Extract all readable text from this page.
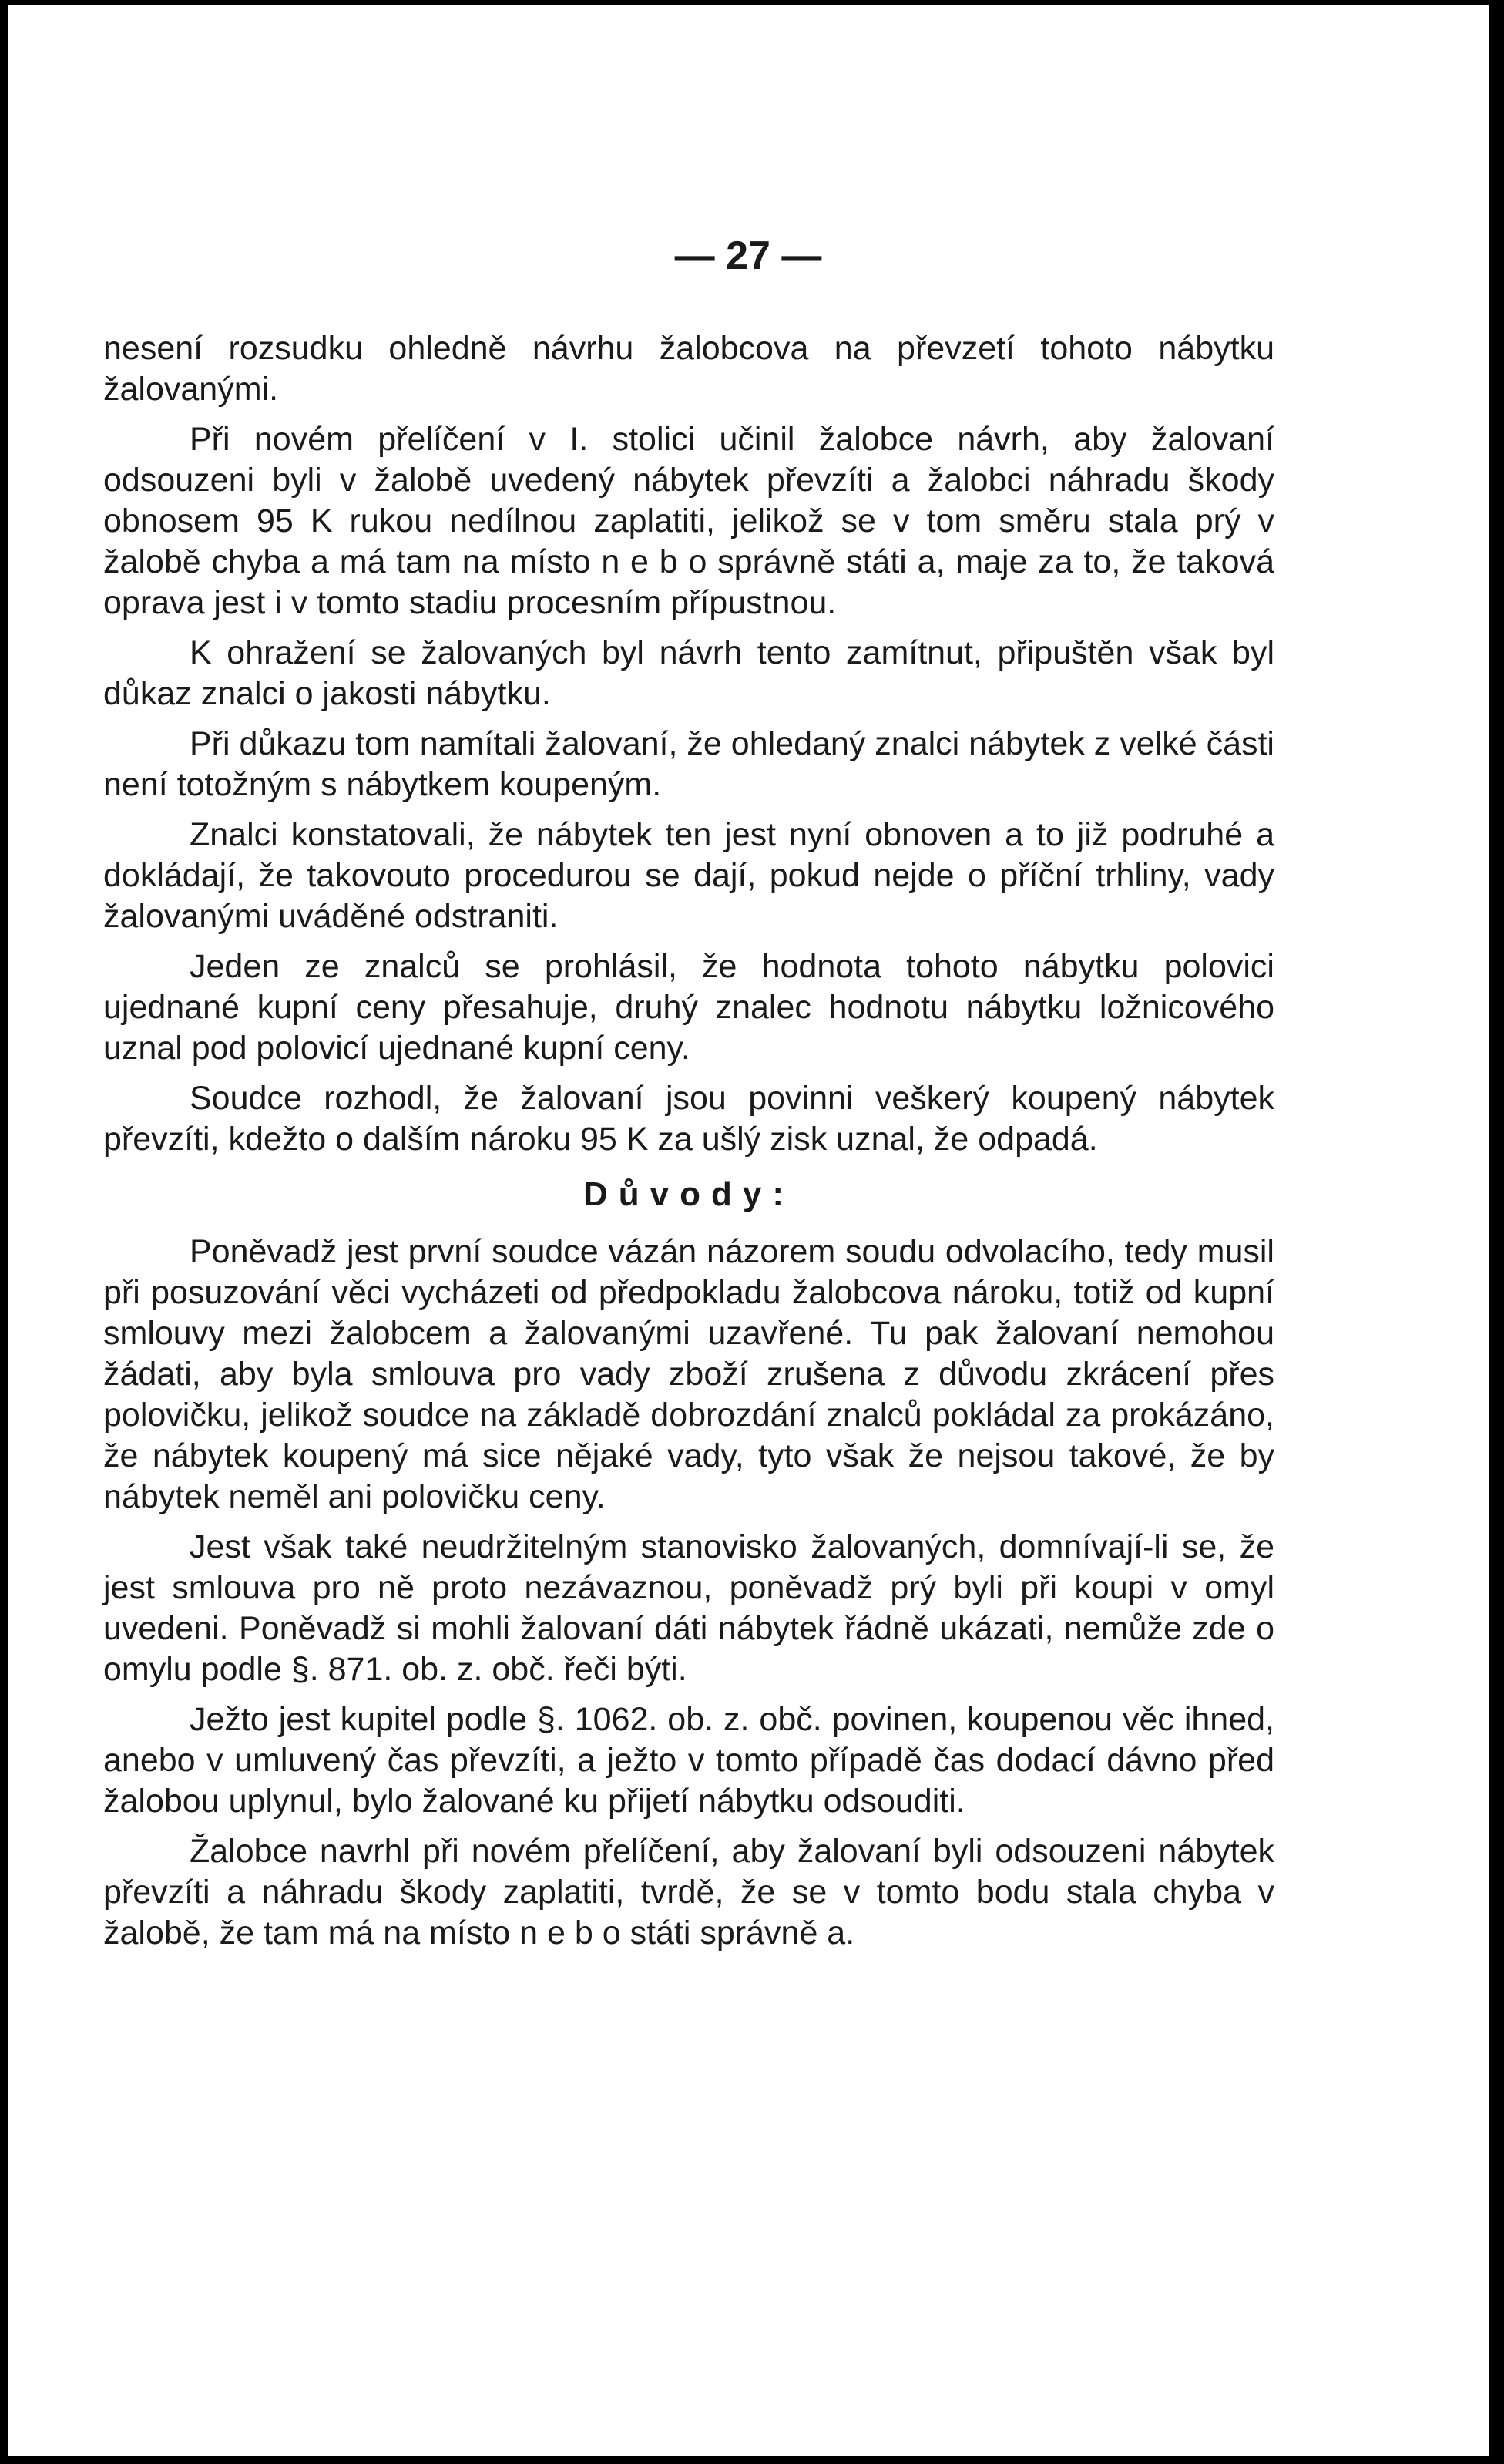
— 27 —

nesení rozsudku ohledně návrhu žalobcova na převzetí tohoto nábytku žalovanými.

Při novém přelíčení v I. stolici učinil žalobce návrh, aby žalovaní odsouzeni byli v žalobě uvedený nábytek převzíti a žalobci náhradu škody obnosem 95 K rukou nedílnou zaplatiti, jelikož se v tom směru stala prý v žalobě chyba a má tam na místo n e b o správně státi a, maje za to, že taková oprava jest i v tomto stadiu procesním přípustnou.

K ohražení se žalovaných byl návrh tento zamítnut, připuštěn však byl důkaz znalci o jakosti nábytku.

Při důkazu tom namítali žalovaní, že ohledaný znalci nábytek z velké části není totožným s nábytkem koupeným.

Znalci konstatovali, že nábytek ten jest nyní obnoven a to již podruhé a dokládají, že takovouto procedurou se dají, pokud nejde o příční trhliny, vady žalovanými uváděné odstraniti.

Jeden ze znalců se prohlásil, že hodnota tohoto nábytku polovici ujednané kupní ceny přesahuje, druhý znalec hodnotu nábytku ložnicového uznal pod polovicí ujednané kupní ceny.

Soudce rozhodl, že žalovaní jsou povinni veškerý koupený nábytek převzíti, kdežto o dalším nároku 95 K za ušlý zisk uznal, že odpadá.

Důvody:

Poněvadž jest první soudce vázán názorem soudu odvolacího, tedy musil při posuzování věci vycházeti od předpokladu žalobcova nároku, totiž od kupní smlouvy mezi žalobcem a žalovanými uzavřené. Tu pak žalovaní nemohou žádati, aby byla smlouva pro vady zboží zrušena z důvodu zkrácení přes polovičku, jelikož soudce na základě dobrozdání znalců pokládal za prokázáno, že nábytek koupený má sice nějaké vady, tyto však že nejsou takové, že by nábytek neměl ani polovičku ceny.

Jest však také neudržitelným stanovisko žalovaných, domnívají-li se, že jest smlouva pro ně proto nezávaznou, poněvadž prý byli při koupi v omyl uvedeni. Poněvadž si mohli žalovaní dáti nábytek řádně ukázati, nemůže zde o omylu podle §. 871. ob. z. obč. řeči býti.

Ježto jest kupitel podle §. 1062. ob. z. obč. povinen, koupenou věc ihned, anebo v umluvený čas převzíti, a ježto v tomto případě čas dodací dávno před žalobou uplynul, bylo žalované ku přijetí nábytku odsouditi.

Žalobce navrhl při novém přelíčení, aby žalovaní byli odsouzeni nábytek převzíti a náhradu škody zaplatiti, tvrdě, že se v tomto bodu stala chyba v žalobě, že tam má na místo n e b o státi správně a.
